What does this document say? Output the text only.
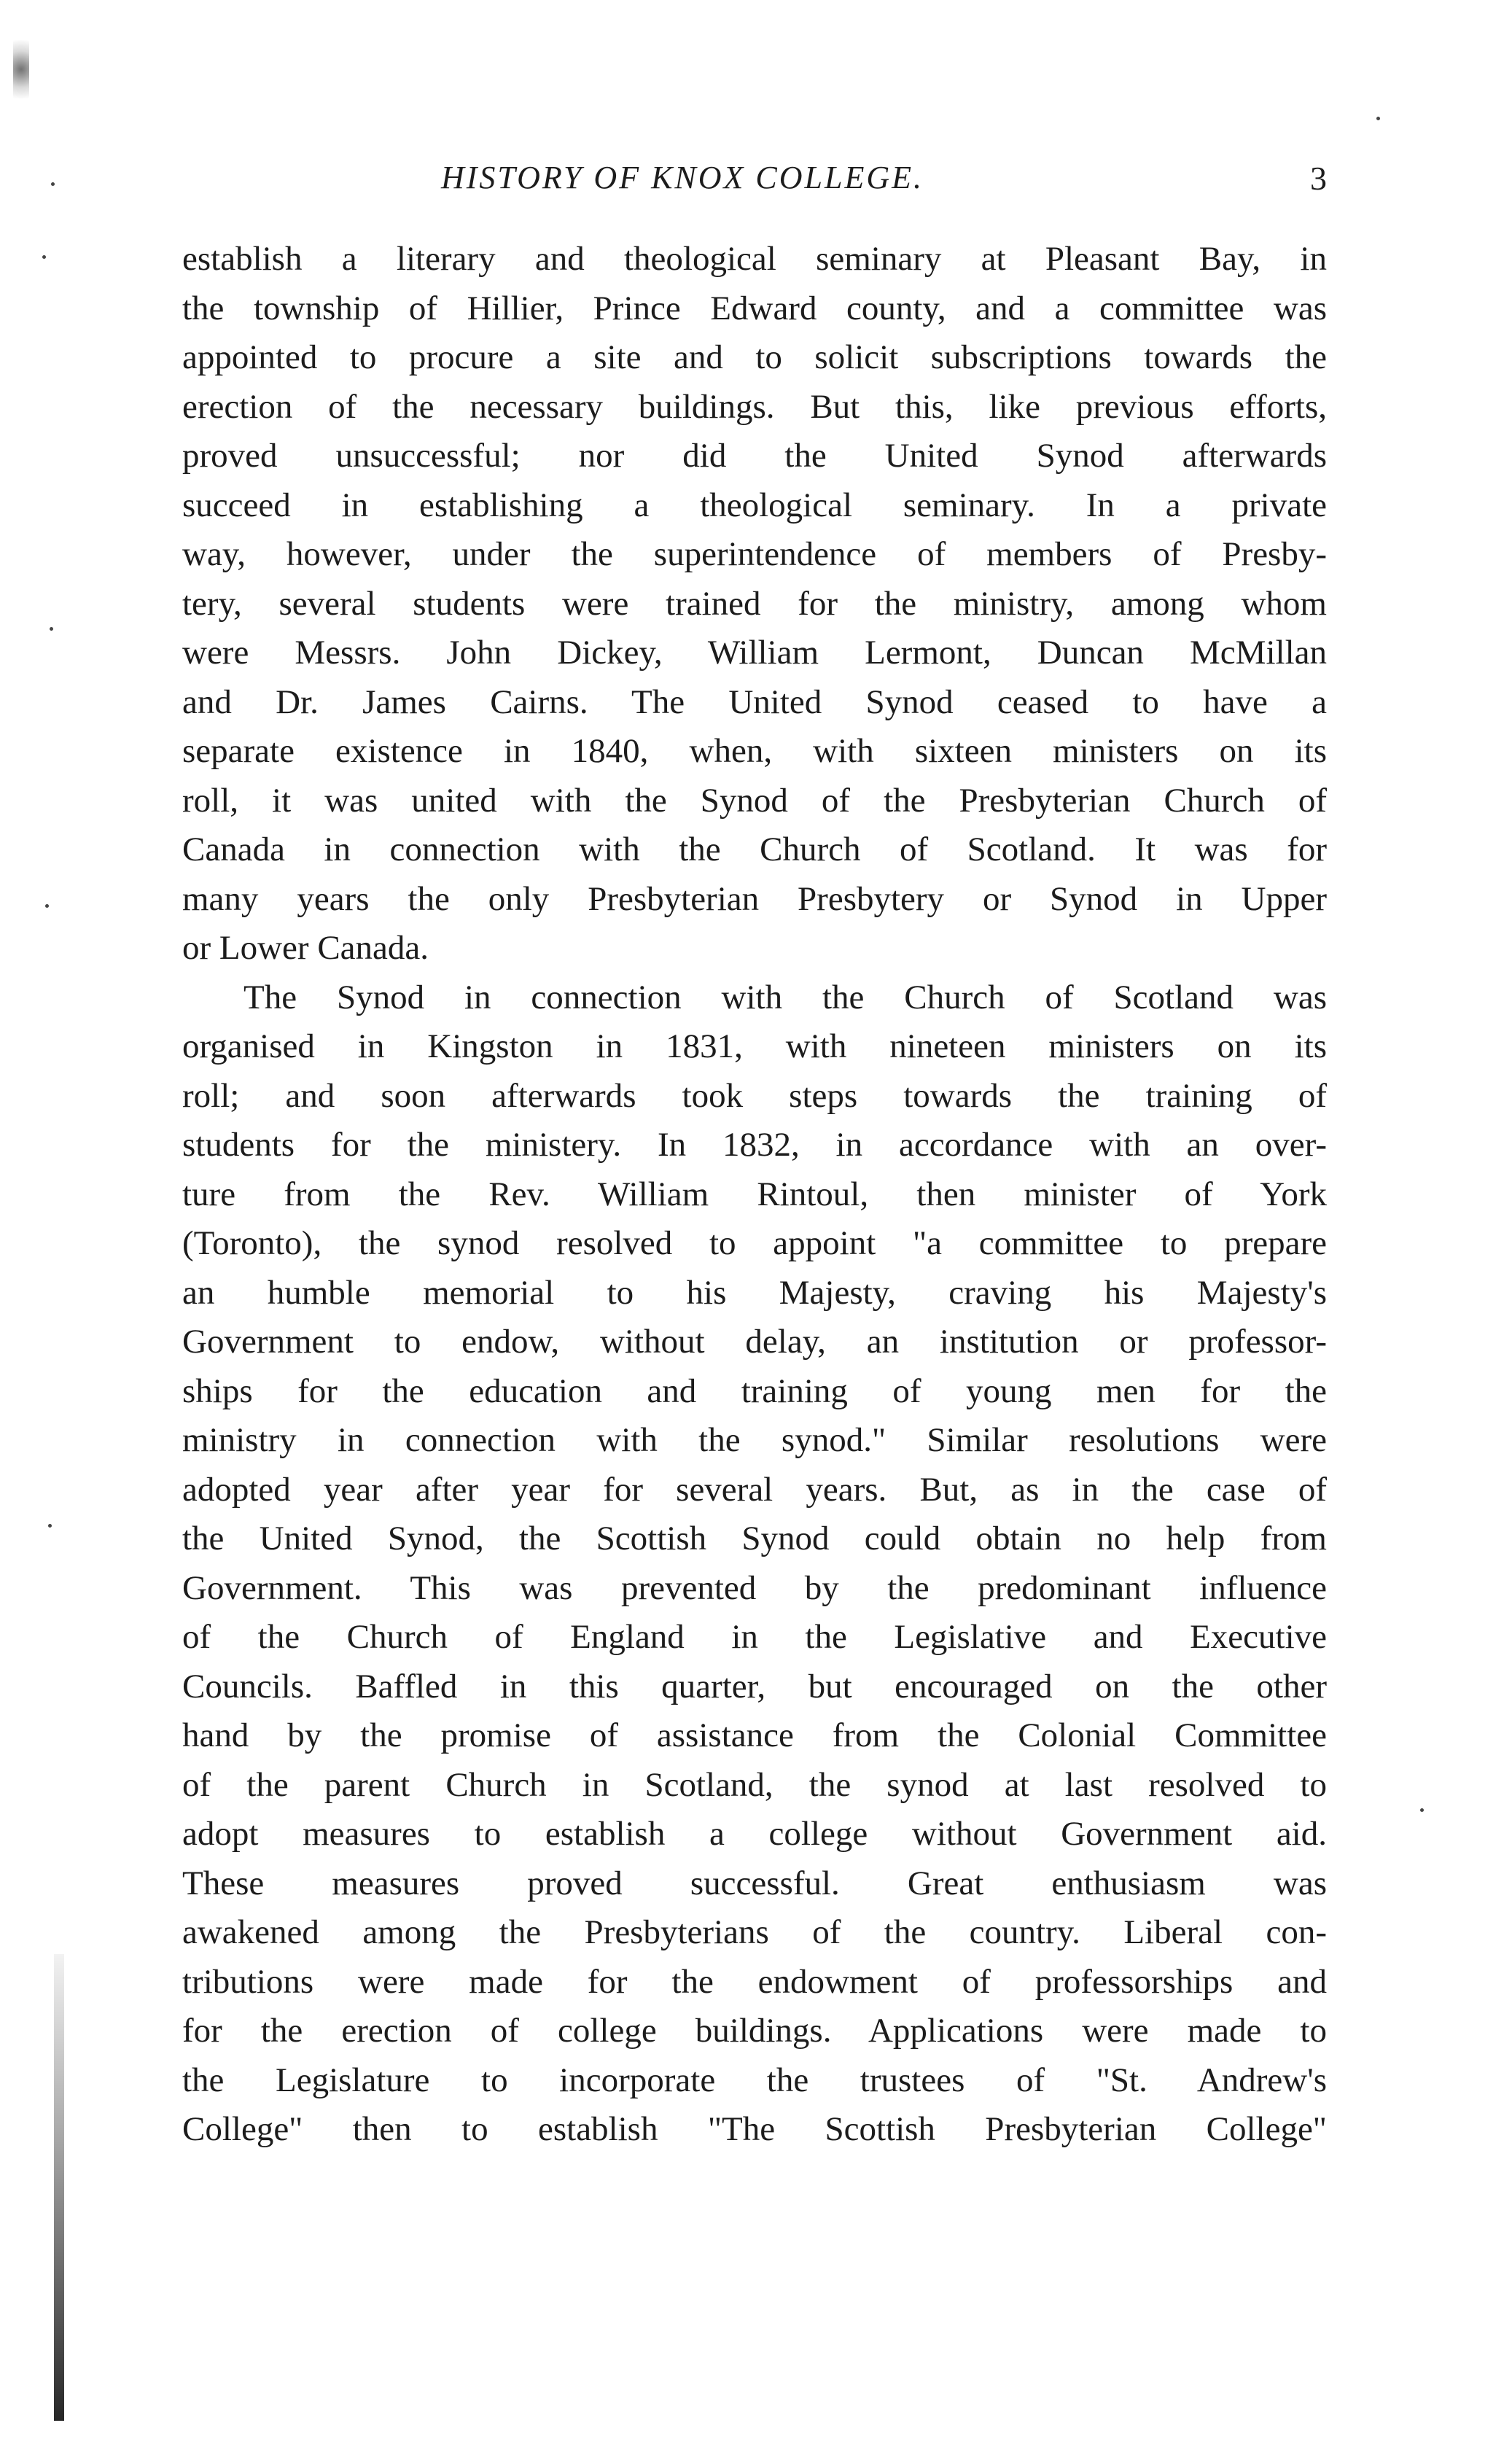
HISTORY OF KNOX COLLEGE.	3
establish a literary and theological seminary at Pleasant Bay, in
the township of Hillier, Prince Edward county, and a committee was
appointed to procure a site and to solicit subscriptions towards the
erection of the necessary buildings. But this, like previous efforts,
proved unsuccessful; nor did the United Synod afterwards
succeed in establishing a theological seminary. In a private
way, however, under the superintendence of members of Presby-
tery, several students were trained for the ministry, among whom
were Messrs. John Dickey, William Lermont, Duncan McMillan
and Dr. James Cairns. The United Synod ceased to have a
separate existence in 1840, when, with sixteen ministers on its
roll, it was united with the Synod of the Presbyterian Church of
Canada in connection with the Church of Scotland. It was for
many years the only Presbyterian Presbytery or Synod in Upper
or Lower Canada.
The Synod in connection with the Church of Scotland was
organised in Kingston in 1831, with nineteen ministers on its
roll; and soon afterwards took steps towards the training of
students for the ministery. In 1832, in accordance with an over-
ture from the Rev. William Rintoul, then minister of York
(Toronto), the synod resolved to appoint "a committee to prepare
an humble memorial to his Majesty, craving his Majesty's
Government to endow, without delay, an institution or professor-
ships for the education and training of young men for the
ministry in connection with the synod." Similar resolutions were
adopted year after year for several years. But, as in the case of
the United Synod, the Scottish Synod could obtain no help from
Government. This was prevented by the predominant influence
of the Church of England in the Legislative and Executive
Councils. Baffled in this quarter, but encouraged on the other
hand by the promise of assistance from the Colonial Committee
of the parent Church in Scotland, the synod at last resolved to
adopt measures to establish a college without Government aid.
These measures proved successful. Great enthusiasm was
awakened among the Presbyterians of the country. Liberal con-
tributions were made for the endowment of professorships and
for the erection of college buildings. Applications were made to
the Legislature to incorporate the trustees of "St. Andrew's
College" then to establish "The Scottish Presbyterian College"
